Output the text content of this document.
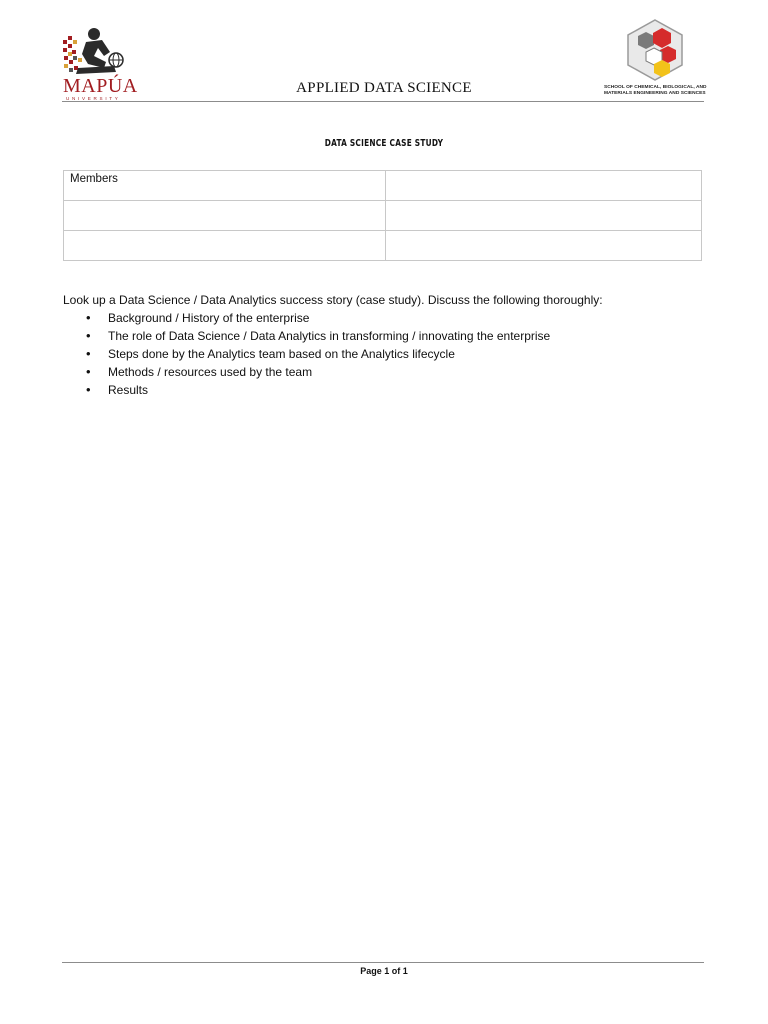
MAPÚA
UNIVERSITY
APPLIED DATA SCIENCE	SCHOOL OF CHEMICAL, BIOLOGICAL, AND MATERIALS ENGINEERING AND SCIENCES
DATA SCIENCE CASE STUDY
Members	

Look up a Data Science / Data Analytics success story (case study). Discuss the following thoroughly:
• Background / History of the enterprise
• The role of Data Science / Data Analytics in transforming / innovating the enterprise
• Steps done by the Analytics team based on the Analytics lifecycle
• Methods / resources used by the team
• Results
Page 1 of 1
